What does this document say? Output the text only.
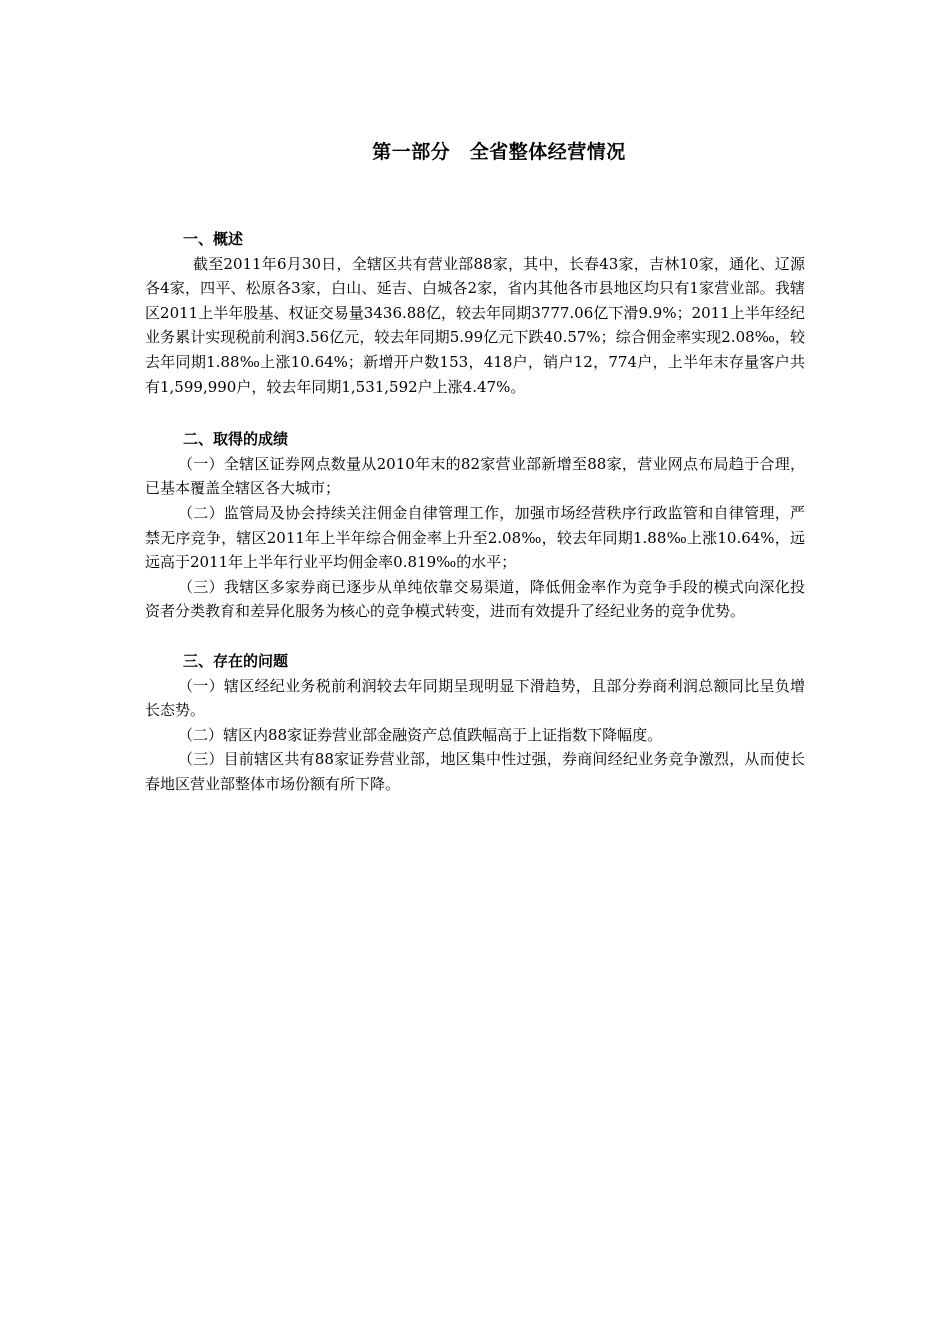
第一部分　全省整体经营情况
一、概述

截至2011年6月30日，全辖区共有营业部88家，其中，长春43家，吉林10家，通化、辽源各4家，四平、松原各3家，白山、延吉、白城各2家，省内其他各市县地区均只有1家营业部。我辖区2011上半年股基、权证交易量3436.88亿，较去年同期3777.06亿下滑9.9%；2011上半年经纪业务累计实现税前利润3.56亿元，较去年同期5.99亿元下跌40.57%；综合佣金率实现2.08‰，较去年同期1.88‰上涨10.64%；新增开户数153，418户，销户12，774户，上半年末存量客户共有1,599,990户，较去年同期1,531,592户上涨4.47%。

二、取得的成绩

（一）全辖区证券网点数量从2010年末的82家营业部新增至88家，营业网点布局趋于合理，已基本覆盖全辖区各大城市；

（二）监管局及协会持续关注佣金自律管理工作，加强市场经营秩序行政监管和自律管理，严禁无序竞争，辖区2011年上半年综合佣金率上升至2.08‰，较去年同期1.88‰上涨10.64%，远远高于2011年上半年行业平均佣金率0.819‰的水平；

（三）我辖区多家券商已逐步从单纯依靠交易渠道，降低佣金率作为竞争手段的模式向深化投资者分类教育和差异化服务为核心的竞争模式转变，进而有效提升了经纪业务的竞争优势。

三、存在的问题

（一）辖区经纪业务税前利润较去年同期呈现明显下滑趋势，且部分券商利润总额同比呈负增长态势。

（二）辖区内88家证券营业部金融资产总值跌幅高于上证指数下降幅度。

（三）目前辖区共有88家证券营业部，地区集中性过强，券商间经纪业务竞争激烈，从而使长春地区营业部整体市场份额有所下降。
